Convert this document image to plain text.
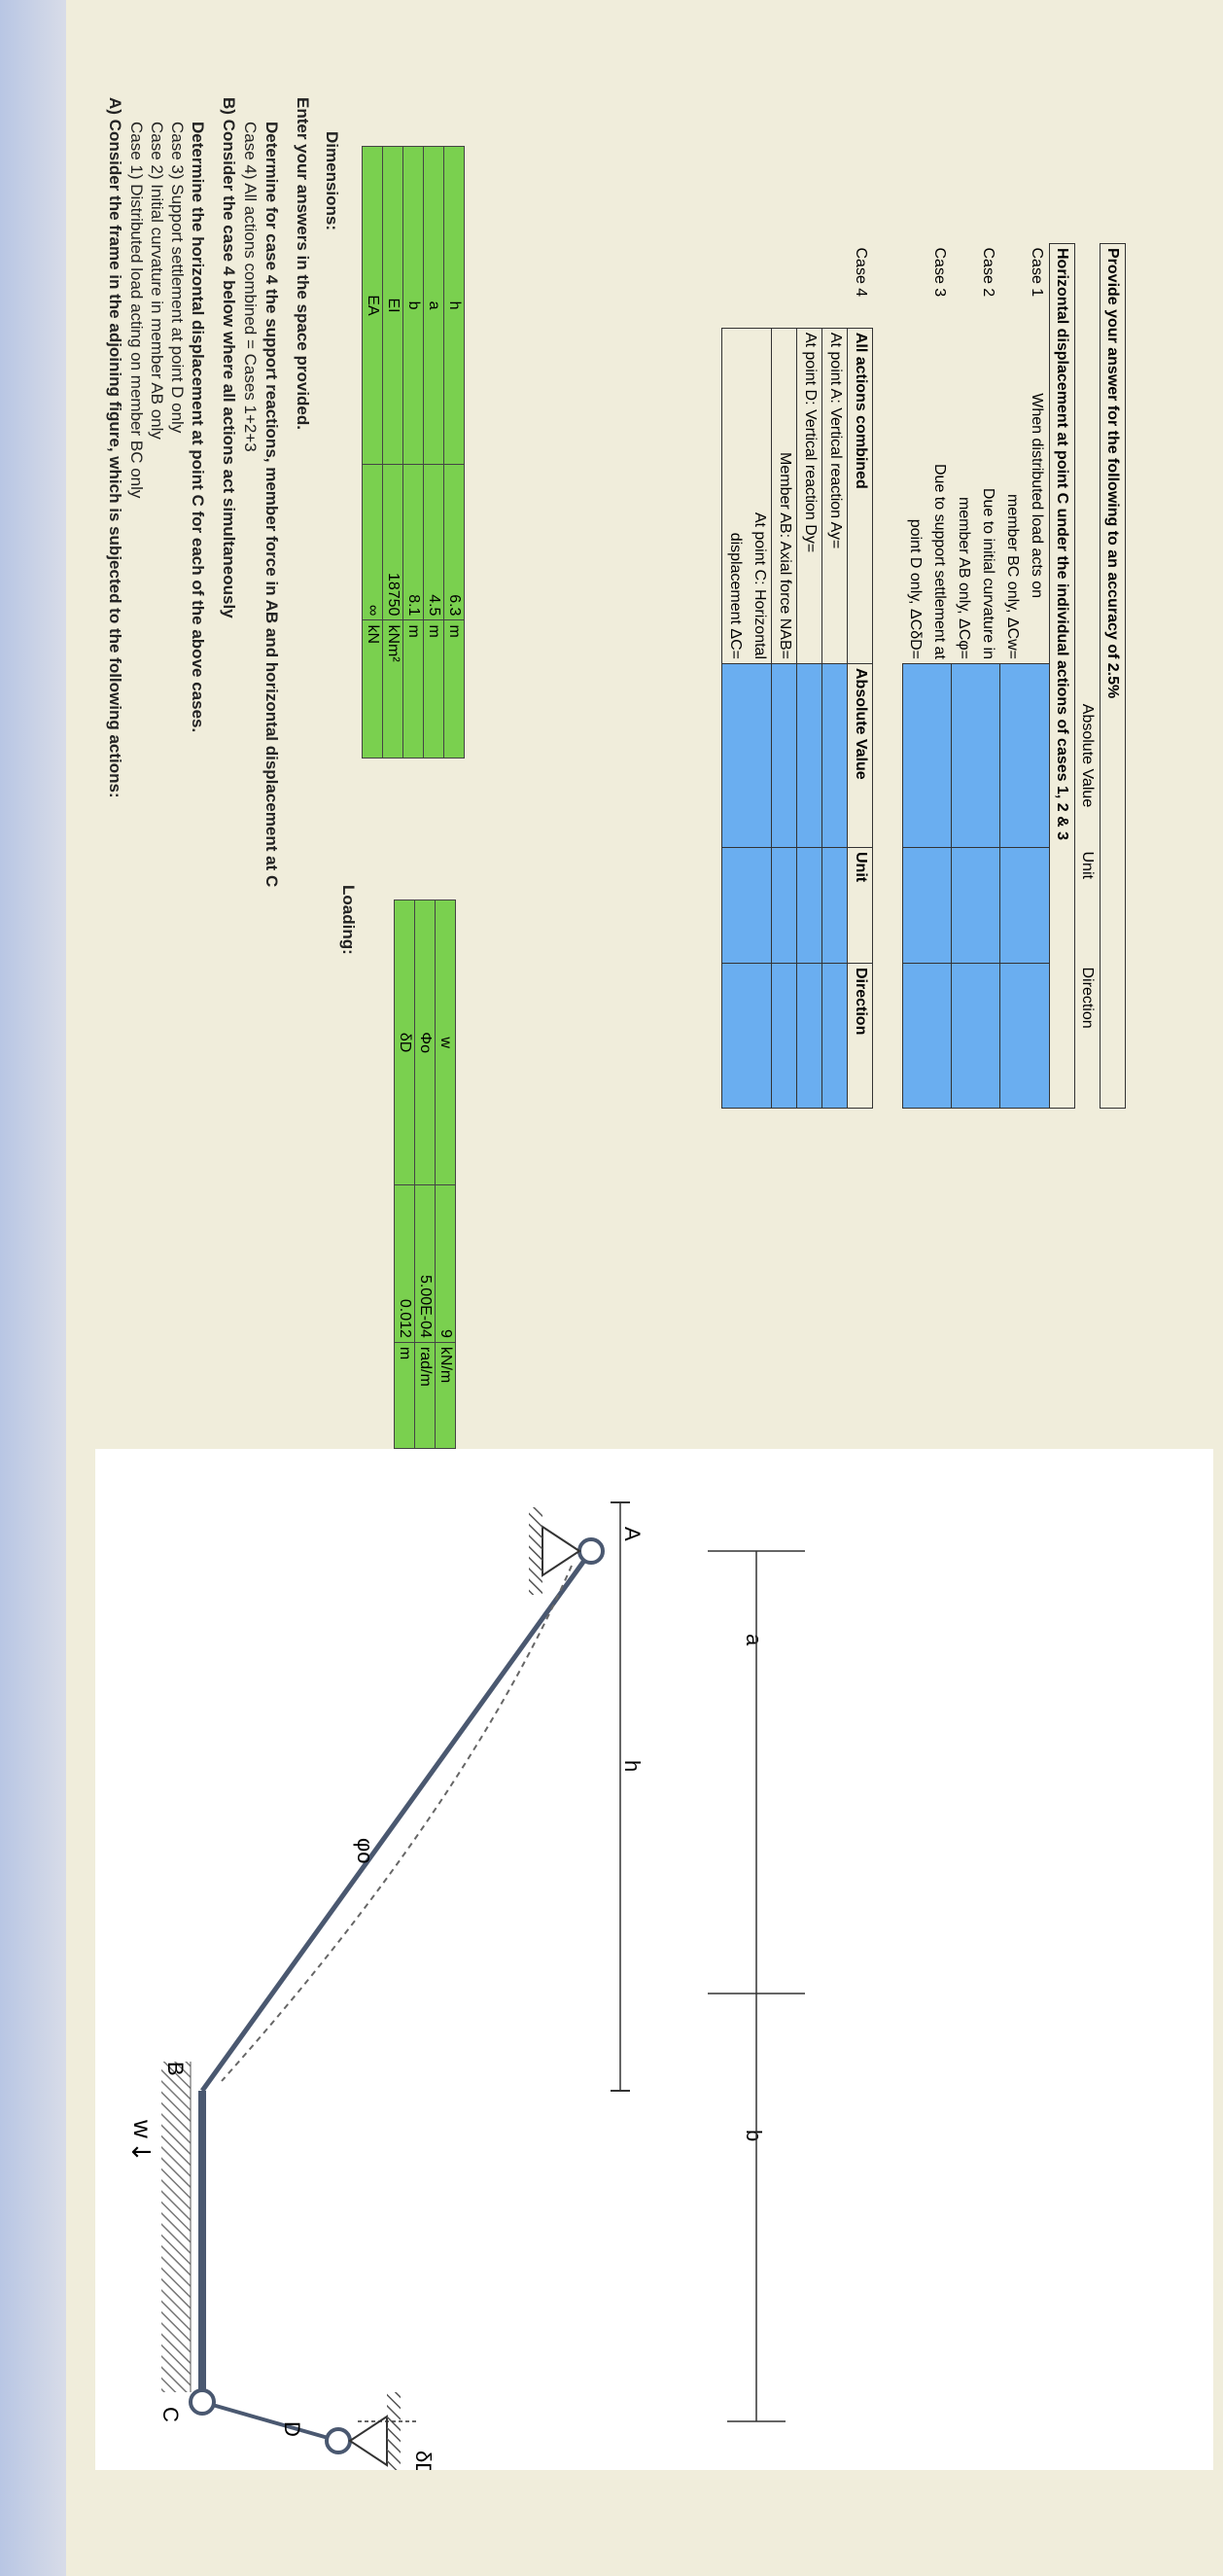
A) Consider the frame in the adjoining figure, which is subjected to the following actions: Case 1) Distributed load acting on member BC only Case 2) Initial curvature in member AB only Case 3) Support settlement at point D only Determine the horizontal displacement at point C for each of the above cases. B) Consider the case 4 below where all actions act simultaneously Case 4) All actions combined = Cases 1+2+3 Determine for case 4 the support reactions, member force in AB and horizontal displacement at C Enter your answers in the space provided. Dimensions:
h	6.3	m
a	4.5	m
b	8.1	m
EI	18750	kNm²
EA	∞	kN
Loading:
w	9	kN/m
Φo	5.00E-04	rad/m
δD	0.012	m
Provide your answer for the following to an accuracy of 2.5%				
		Absolute Value	Unit	Direction
Horizontal displacement at point C under the individual actions of cases 1, 2 & 3				
Case 1	When distributed load acts on			
	member BC only, ΔCw=			
Case 2	Due to initial curvature in			
	member AB only, ΔCφ=			
Case 3	Due to support settlement at			
	point D only, ΔCδD=			

Case 4	All actions combined	Absolute Value	Unit	Direction
	At point A: Vertical reaction Ay=			
	At point D: Vertical reaction Dy=			
	Member AB: Axial force NAB=			
	At point C: Horizontal			
	displacement ΔC=			
w
↓
A
B
C
D
h
a
b
φo
δD
